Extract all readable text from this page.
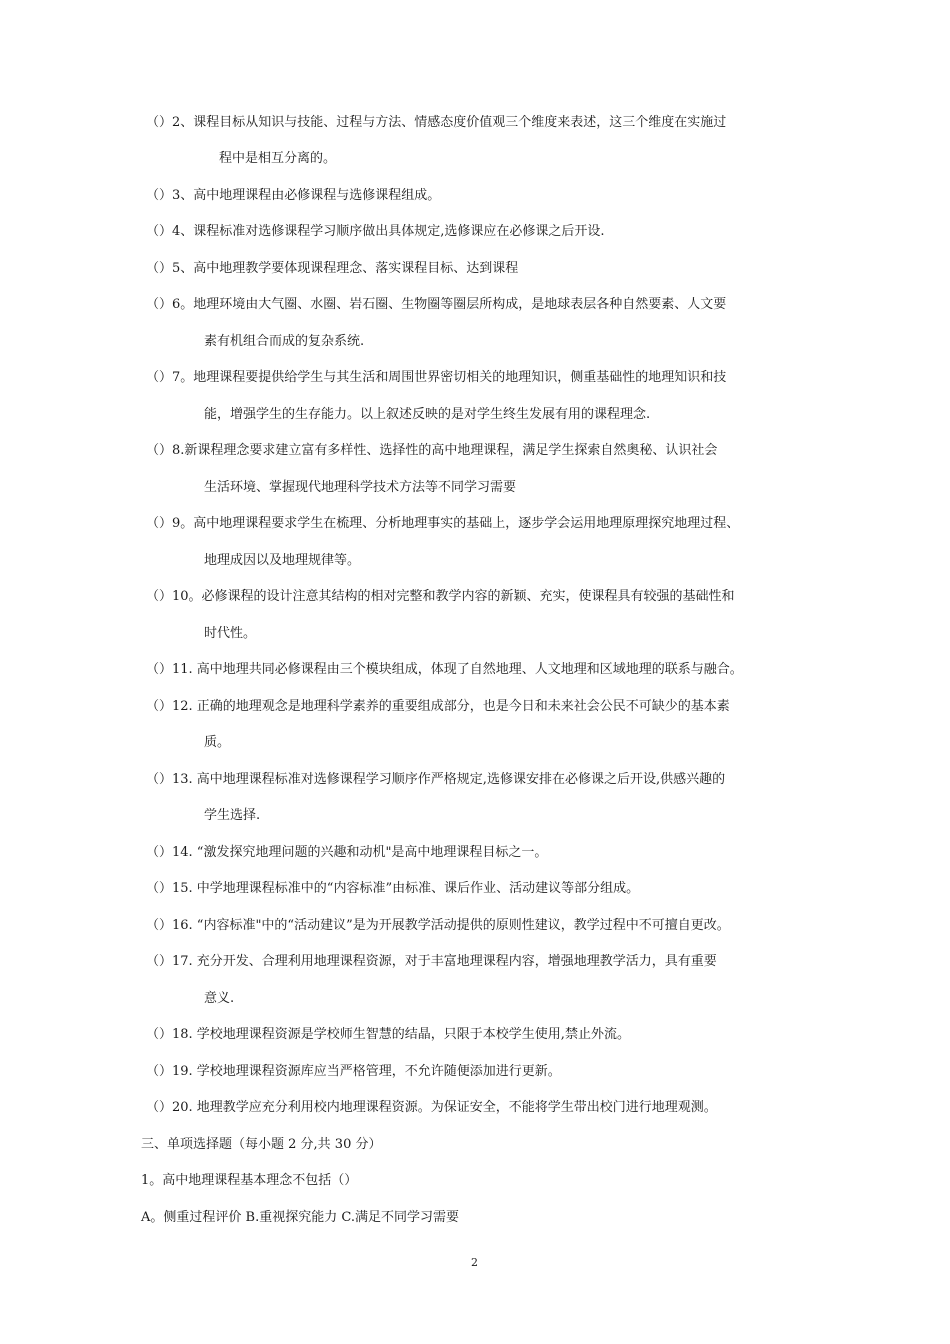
（）2、课程目标从知识与技能、过程与方法、情感态度价值观三个维度来表述，这三个维度在实施过
程中是相互分离的。
（）3、高中地理课程由必修课程与选修课程组成。
（）4、课程标准对选修课程学习顺序做出具体规定,选修课应在必修课之后开设.
（）5、高中地理教学要体现课程理念、落实课程目标、达到课程
（）6。地理环境由大气圈、水圈、岩石圈、生物圈等圈层所构成，是地球表层各种自然要素、人文要
素有机组合而成的复杂系统.
（）7。地理课程要提供给学生与其生活和周围世界密切相关的地理知识，侧重基础性的地理知识和技
能，增强学生的生存能力。以上叙述反映的是对学生终生发展有用的课程理念.
（）8.新课程理念要求建立富有多样性、选择性的高中地理课程，满足学生探索自然奥秘、认识社会
生活环境、掌握现代地理科学技术方法等不同学习需要
（）9。高中地理课程要求学生在梳理、分析地理事实的基础上，逐步学会运用地理原理探究地理过程、
地理成因以及地理规律等。
（）10。必修课程的设计注意其结构的相对完整和教学内容的新颖、充实，使课程具有较强的基础性和
时代性。
（）11. 高中地理共同必修课程由三个模块组成，体现了自然地理、人文地理和区域地理的联系与融合。
（）12. 正确的地理观念是地理科学素养的重要组成部分，也是今日和未来社会公民不可缺少的基本素
质。
（）13. 高中地理课程标准对选修课程学习顺序作严格规定,选修课安排在必修课之后开设,供感兴趣的
学生选择.
（）14. “激发探究地理问题的兴趣和动机"是高中地理课程目标之一。
（）15. 中学地理课程标准中的“内容标准”由标准、课后作业、活动建议等部分组成。
（）16. “内容标准"中的“活动建议”是为开展教学活动提供的原则性建议，教学过程中不可擅自更改。
（）17. 充分开发、合理利用地理课程资源，对于丰富地理课程内容，增强地理教学活力，具有重要
意义.
（）18. 学校地理课程资源是学校师生智慧的结晶，只限于本校学生使用,禁止外流。
（）19. 学校地理课程资源库应当严格管理，不允许随便添加进行更新。
（）20. 地理教学应充分利用校内地理课程资源。为保证安全，不能将学生带出校门进行地理观测。
三、单项选择题（每小题 2 分,共 30 分）
1。高中地理课程基本理念不包括（）
A。侧重过程评价 B.重视探究能力 C.满足不同学习需要
2
